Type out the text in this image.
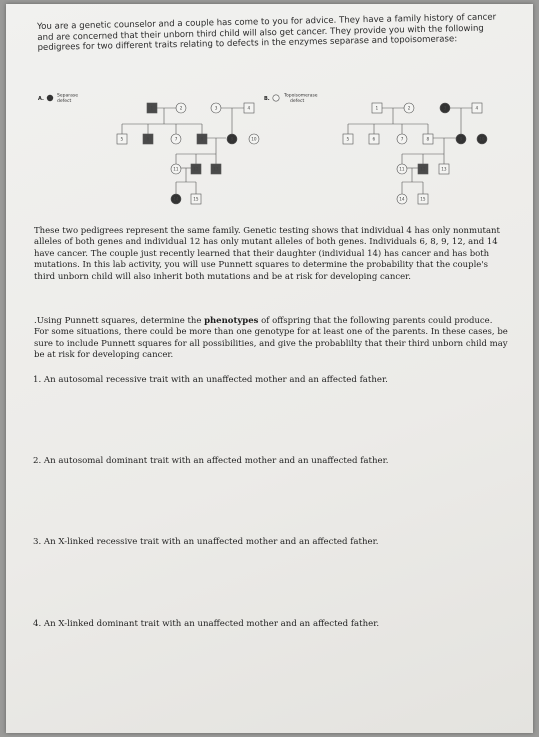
You are a genetic counselor and a couple has come to you for advice. They have a family history of cancer and are concerned that their unborn third child will also get cancer. They provide you with the following pedigrees for two different traits relating to defects in the enzymes separase and topoisomerase:

A.	Separase
defect
1	2	3	4
5	6	7	8	9	10
11	12	13
14	15
B.	Topoisomerase
defect
1	2	3	4
5	6	7	8	9	10
11	12	13
14	15

These two pedigrees represent the same family. Genetic testing shows that individual 4 has only nonmutant alleles of both genes and individual 12 has only mutant alleles of both genes. Individuals 6, 8, 9, 12, and 14 have cancer. The couple just recently learned that their daughter (individual 14) has cancer and has both mutations. In this lab activity, you will use Punnett squares to determine the probability that the couple's third unborn child will also inherit both mutations and be at risk for developing cancer.

.Using Punnett squares, determine the phenotypes of offspring that the following parents could produce. For some situations, there could be more than one genotype for at least one of the parents. In these cases, be sure to include Punnett squares for all possibilities, and give the probablilty that their third unborn child may be at risk for developing cancer.

1. An autosomal recessive trait with an unaffected mother and an affected father.

2. An autosomal dominant trait with an affected mother and an unaffected father.

3. An X-linked recessive trait with an unaffected mother and an affected father.

4. An X-linked dominant trait with an unaffected mother and an affected father.
